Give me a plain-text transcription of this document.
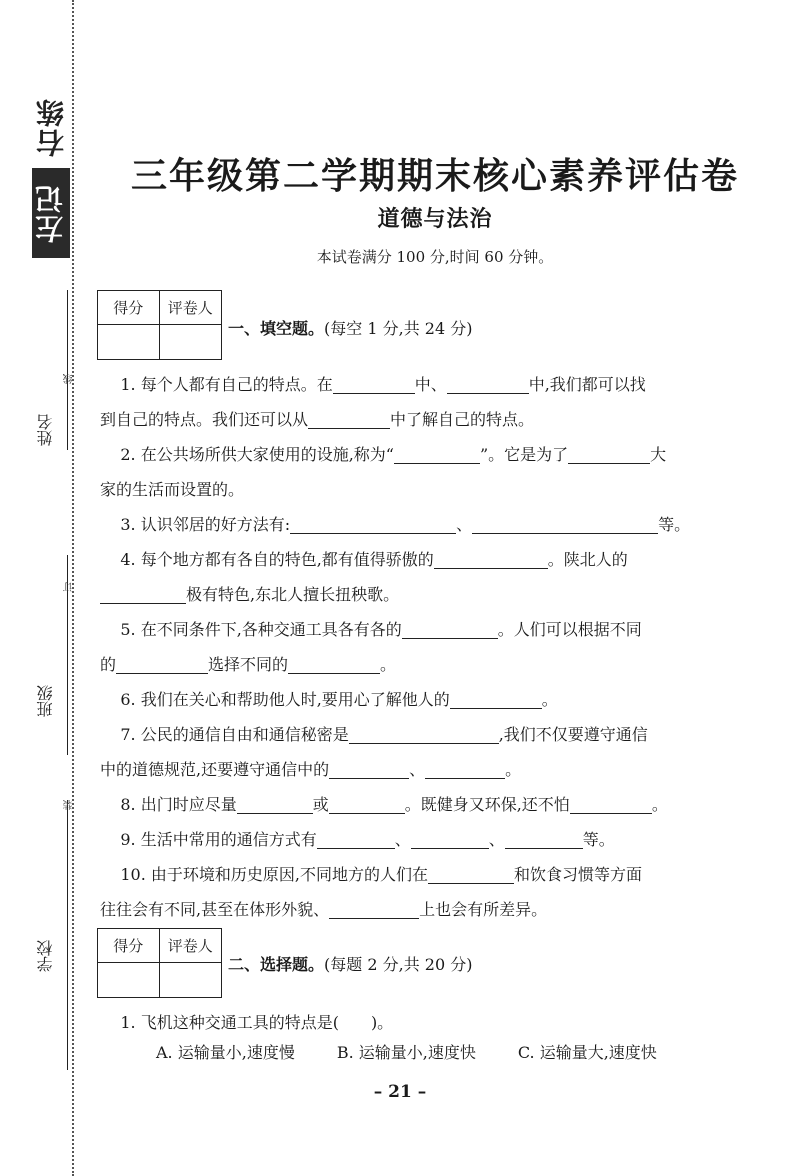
右练
左记
姓名
班级
学校
线
订
装
三年级第二学期期末核心素养评估卷
道德与法治
本试卷满分 100 分,时间 60 分钟。
得分	评卷人
一、填空题。(每空 1 分,共 24 分)
1. 每个人都有自己的特点。在	中、	中,我们都可以找
到自己的特点。我们还可以从	中了解自己的特点。
2. 在公共场所供大家使用的设施,称为“	”。它是为了	大
家的生活而设置的。
3. 认识邻居的好方法有:	、	等。
4. 每个地方都有各自的特色,都有值得骄傲的	。陕北人的
极有特色,东北人擅长扭秧歌。
5. 在不同条件下,各种交通工具各有各的	。人们可以根据不同
的	选择不同的	。
6. 我们在关心和帮助他人时,要用心了解他人的	。
7. 公民的通信自由和通信秘密是	,我们不仅要遵守通信
中的道德规范,还要遵守通信中的	、	。
8. 出门时应尽量	或	。既健身又环保,还不怕	。
9. 生活中常用的通信方式有	、	、	等。
10. 由于环境和历史原因,不同地方的人们在	和饮食习惯等方面
往往会有不同,甚至在体形外貌、	上也会有所差异。
得分	评卷人
二、选择题。(每题 2 分,共 20 分)
1. 飞机这种交通工具的特点是(　　)。
A. 运输量小,速度慢	B. 运输量小,速度快	C. 运输量大,速度快
– 21 –
